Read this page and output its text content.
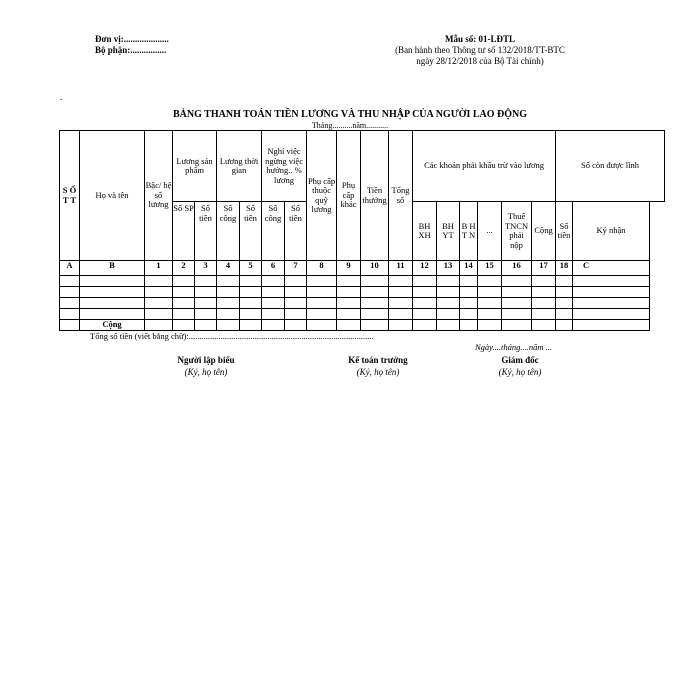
Đơn vị:....................
Bộ phận:................
Mẫu số: 01-LĐTL
(Ban hành theo Thông tư số 132/2018/TT-BTC
ngày 28/12/2018 của Bộ Tài chính)
.
BẢNG THANH TOÁN TIỀN LƯƠNG VÀ THU NHẬP CỦA NGƯỜI LAO ĐỘNG
Tháng..........năm...........
S Ố T T	Họ và tên	Bậc/ hệ số lương	Lương sản phẩm		Lương thời gian		Nghỉ việc ngừng việc hưởng.. % lương		Phụ cấp thuộc quỹ lương	Phụ cấp khác	Tiền thưởng	Tổng số	Các khoản phải khấu trừ vào lương						Số còn được lĩnh	
			Số SP	Số tiền	Số công	Số tiền	Số công	Số tiền					BH XH	BH YT	B H T N	...	Thuế TNCN phải nộp	Cộng	Số tiền	Ký nhận
A	B	1	2	3	4	5	6	7	8	9	10	11	12	13	14	15	16	17	18	C

	Cộng																			
Tổng số tiền (viết bằng chữ):.......................................................................................
Ngày....tháng....năm ...
Người lập biểu
(Ký, họ tên)
Kế toán trưởng
(Ký, họ tên)
Giám đốc
(Ký, họ tên)
